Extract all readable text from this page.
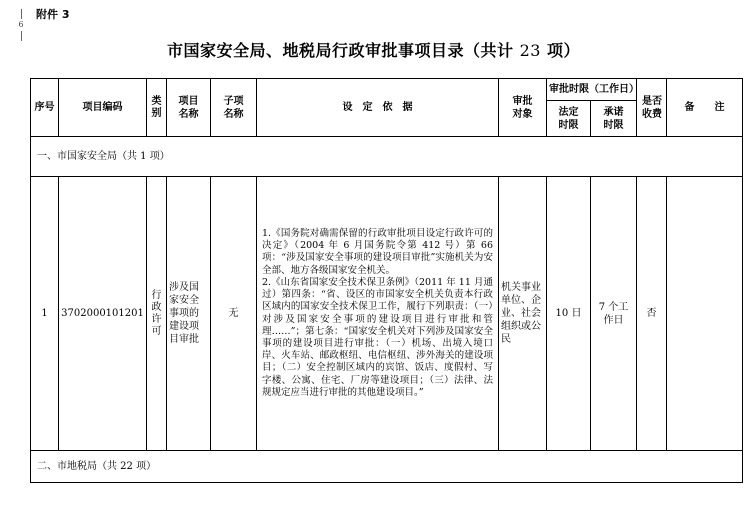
附件 3
6
市国家安全局、地税局行政审批事项目录（共计 23 项）
序号	项目编码	类别	项目名称	子项名称	设　定　依　据	审批对象	审批时限（工作日）		是否收费	备　　注
							法定时限	承诺时限		
一、市国家安全局（共 1 项）										
1	3702000101201	行政许可	涉及国家安全事项的建设项目审批	无	1.《国务院对确需保留的行政审批项目设定行政许可的决定》（2004 年 6 月国务院令第 412 号）第 66 项：“涉及国家安全事项的建设项目审批”实施机关为安全部、地方各级国家安全机关。

2.《山东省国家安全技术保卫条例》（2011 年 11 月通过）第四条：“省、设区的市国家安全机关负责本行政区域内的国家安全技术保卫工作，履行下列职责：（一）对涉及国家安全事项的建设项目进行审批和管理……”；第七条：“国家安全机关对下列涉及国家安全事项的建设项目进行审批：（一）机场、出境入境口岸、火车站、邮政枢纽、电信枢纽、涉外海关的建设项目；（二）安全控制区域内的宾馆、饭店、度假村、写字楼、公寓、住宅、厂房等建设项目；（三）法律、法规规定应当进行审批的其他建设项目。”	机关事业单位、企业、社会组织或公民	10 日	7 个工作日	否	
二、市地税局（共 22 项）										
